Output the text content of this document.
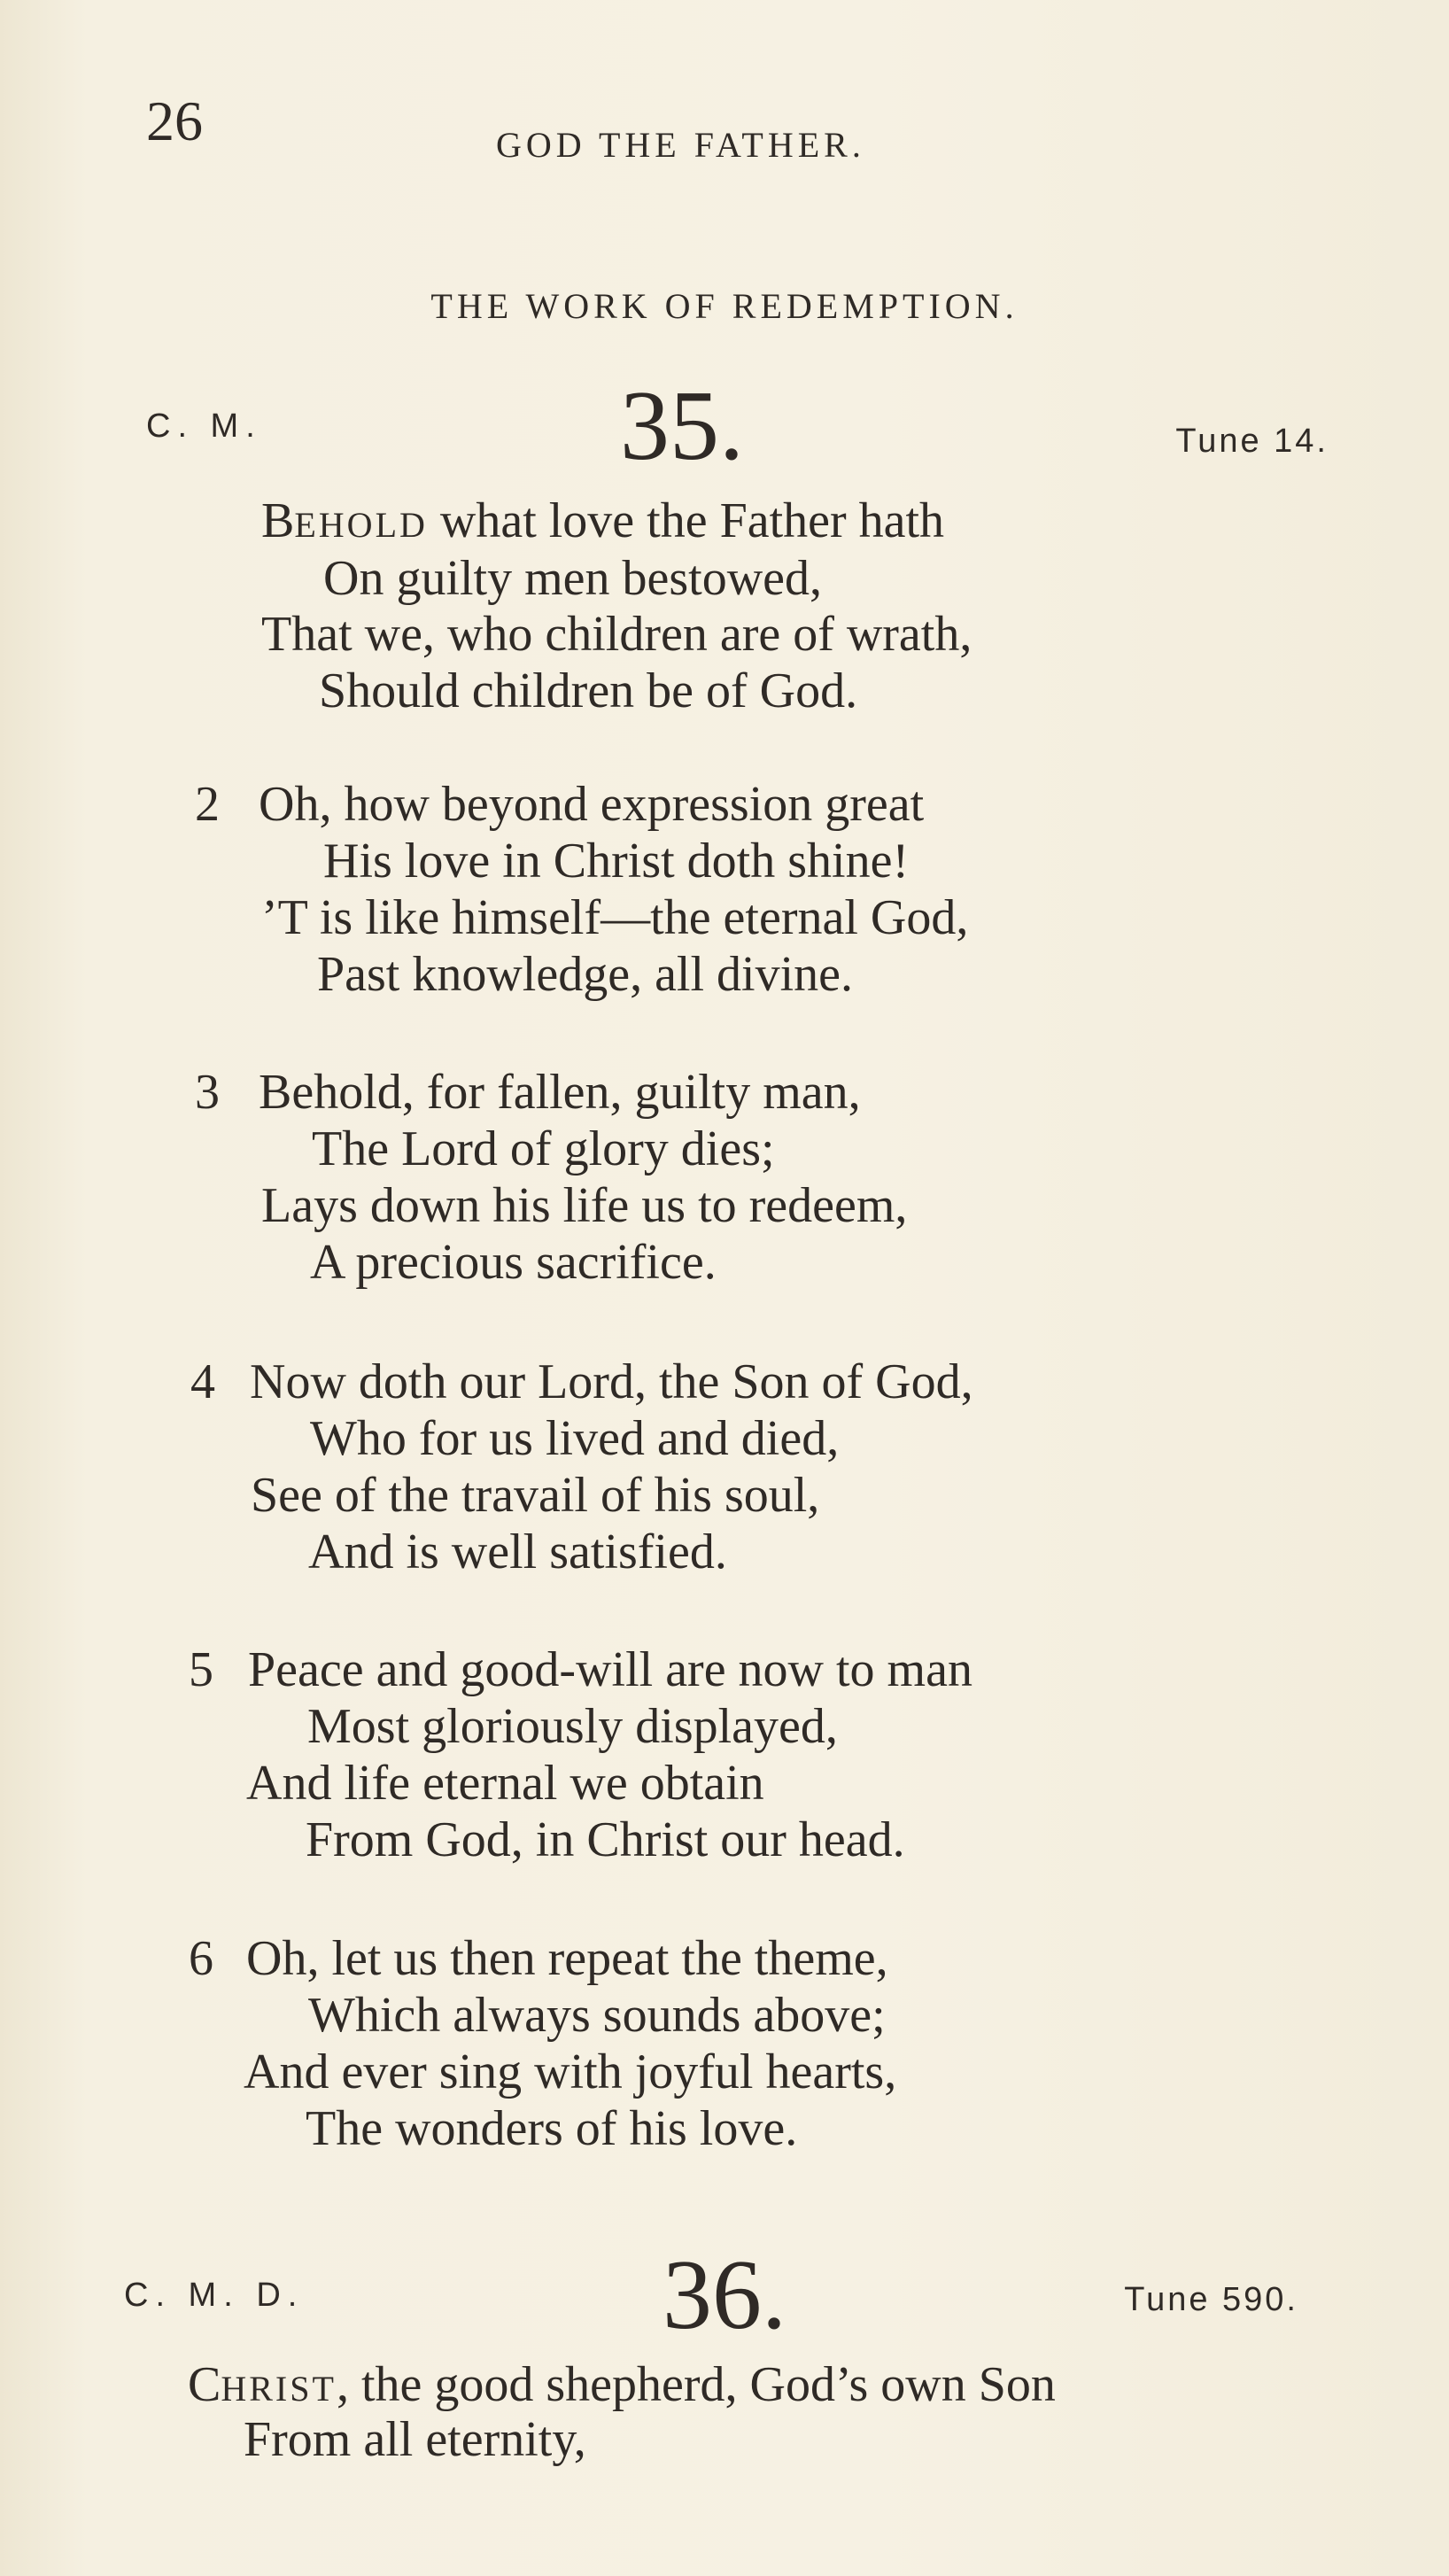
26	GOD THE FATHER.
THE WORK OF REDEMPTION.
C. M.	35.	Tune 14.
BEHOLD what love the Father hath
On guilty men bestowed,
That we, who children are of wrath,
Should children be of God.
2 Oh, how beyond expression great
His love in Christ doth shine!
’T is like himself—the eternal God,
Past knowledge, all divine.
3 Behold, for fallen, guilty man,
The Lord of glory dies;
Lays down his life us to redeem,
A precious sacrifice.
4 Now doth our Lord, the Son of God,
Who for us lived and died,
See of the travail of his soul,
And is well satisfied.
5 Peace and good-will are now to man
Most gloriously displayed,
And life eternal we obtain
From God, in Christ our head.
6 Oh, let us then repeat the theme,
Which always sounds above;
And ever sing with joyful hearts,
The wonders of his love.
C. M. D.	36.	Tune 590.
CHRIST, the good shepherd, God’s own Son
From all eternity,
